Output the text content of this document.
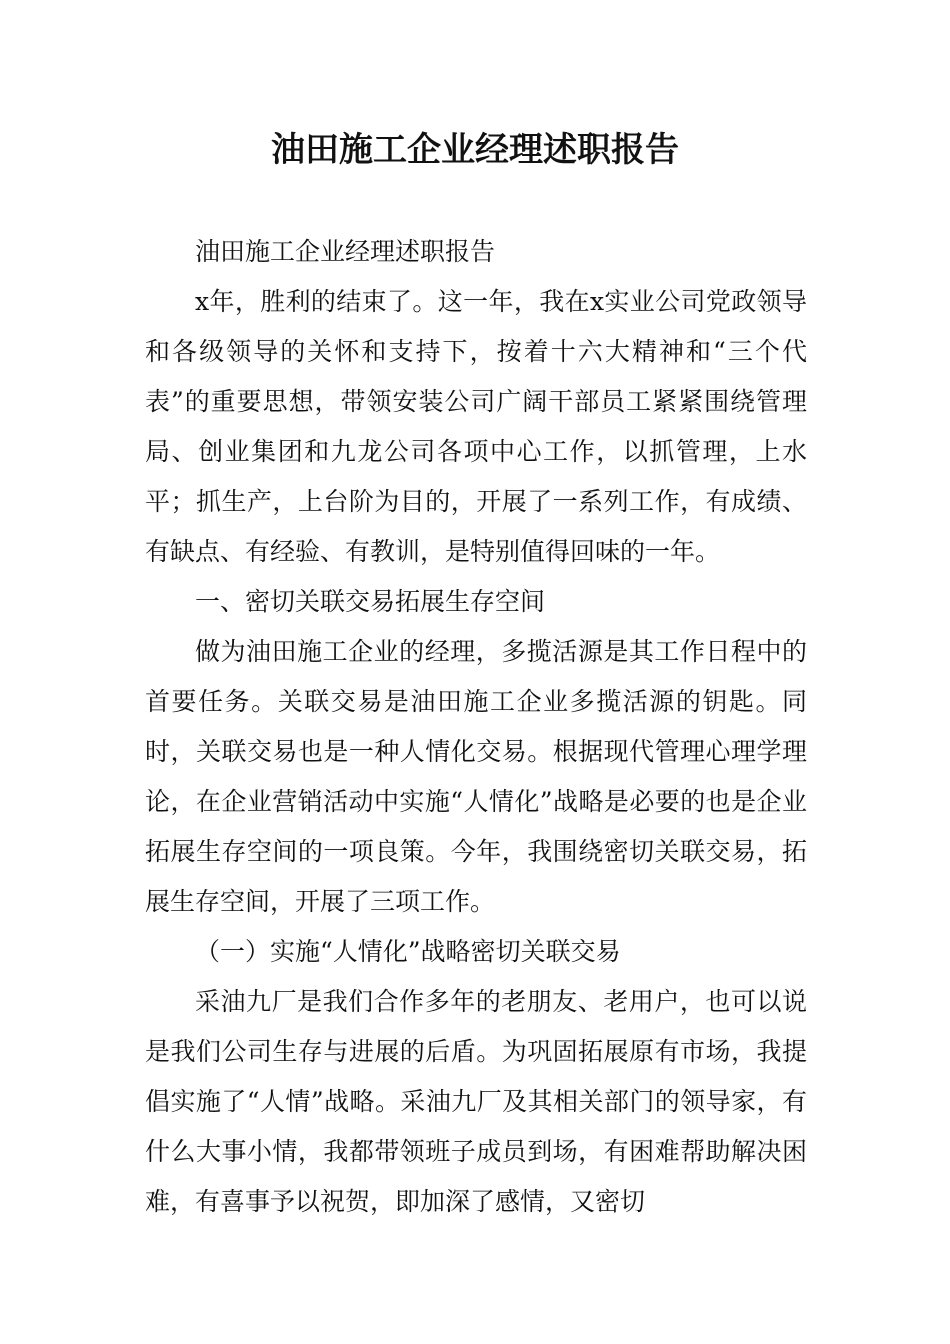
油田施工企业经理述职报告

油田施工企业经理述职报告

x年，胜利的结束了。这一年，我在x实业公司党政领导和各级领导的关怀和支持下，按着十六大精神和“三个代表”的重要思想，带领安装公司广阔干部员工紧紧围绕管理局、创业集团和九龙公司各项中心工作，以抓管理，上水平；抓生产，上台阶为目的，开展了一系列工作，有成绩、有缺点、有经验、有教训，是特别值得回味的一年。

一、密切关联交易拓展生存空间

做为油田施工企业的经理，多揽活源是其工作日程中的首要任务。关联交易是油田施工企业多揽活源的钥匙。同时，关联交易也是一种人情化交易。根据现代管理心理学理论，在企业营销活动中实施“人情化”战略是必要的也是企业拓展生存空间的一项良策。今年，我围绕密切关联交易，拓展生存空间，开展了三项工作。

（一）实施“人情化”战略密切关联交易

采油九厂是我们合作多年的老朋友、老用户，也可以说是我们公司生存与进展的后盾。为巩固拓展原有市场，我提倡实施了“人情”战略。采油九厂及其相关部门的领导家，有什么大事小情，我都带领班子成员到场，有困难帮助解决困难，有喜事予以祝贺，即加深了感情，又密切
